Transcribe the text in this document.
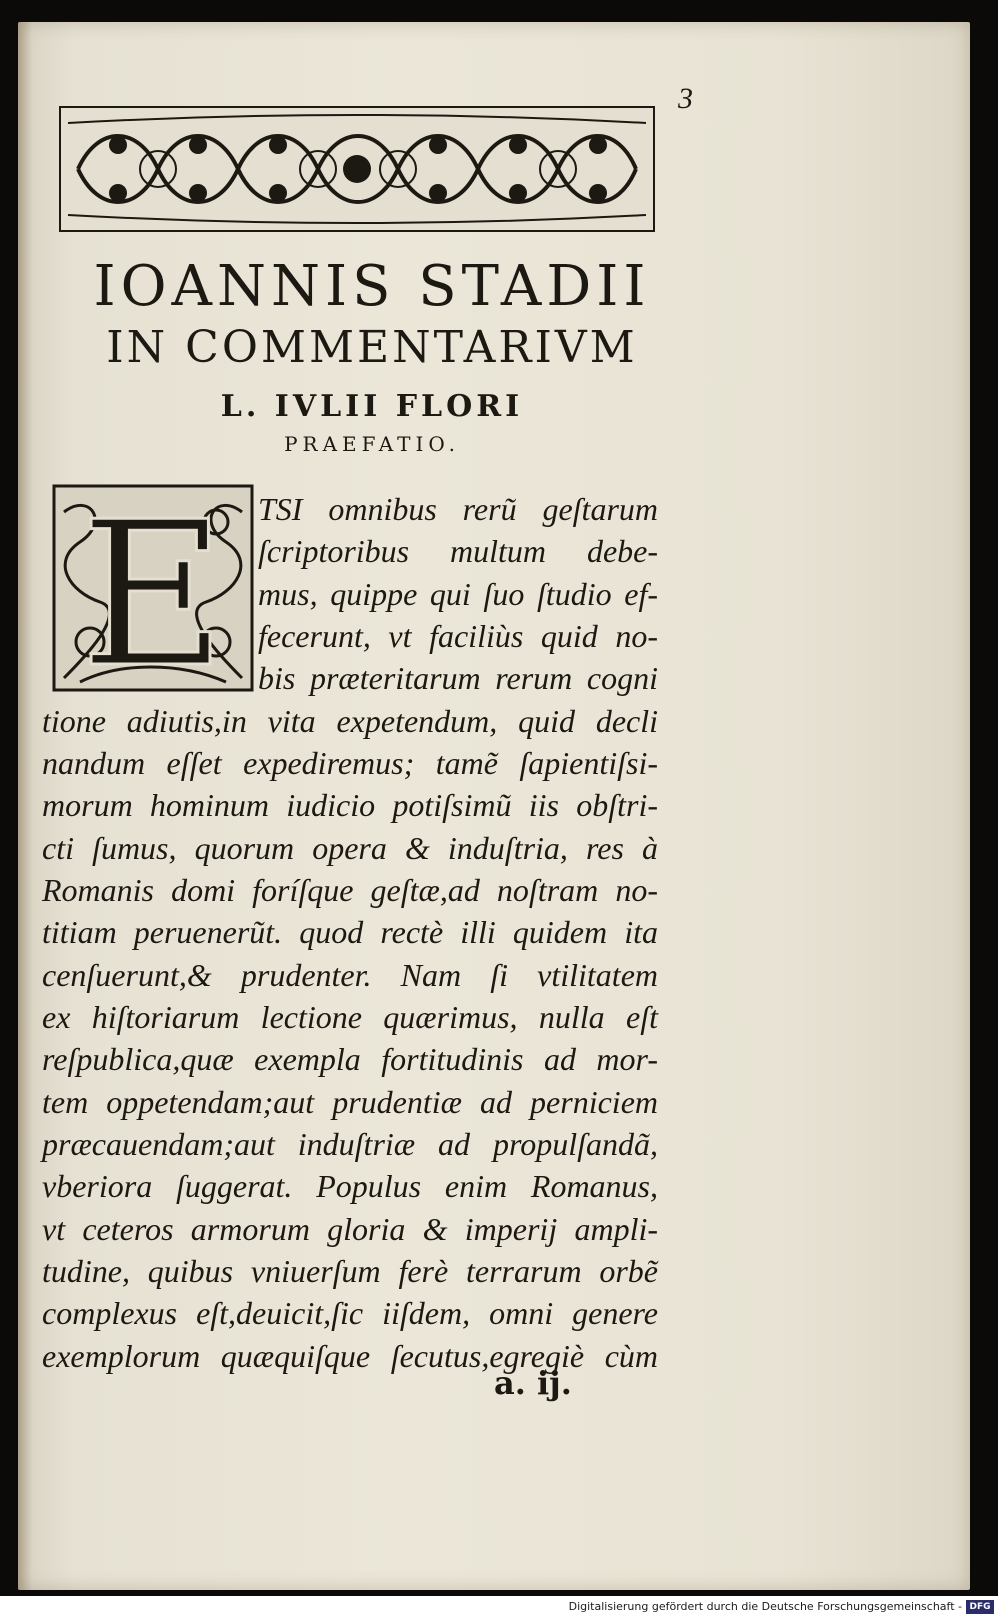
3
IOANNIS STADII
IN COMMENTARIVM
L. IVLII FLORI
PRAEFATIO.
E TSI omnibus rerũ geſtarum
ſcriptoribus multum debe-
mus, quippe qui ſuo ſtudio ef-
fecerunt, vt faciliùs quid no-
bis præteritarum rerum cogni
tione adiutis,in vita expetendum, quid decli
nandum eſſet expediremus; tamẽ ſapientiſsi-
morum hominum iudicio potiſsimũ iis obſtri-
cti ſumus, quorum opera & induſtria, res à
Romanis domi foríſque geſtæ,ad noſtram no-
titiam peruenerũt. quod rectè illi quidem ita
cenſuerunt,& prudenter. Nam ſi vtilitatem
ex hiſtoriarum lectione quærimus, nulla eſt
reſpublica,quæ exempla fortitudinis ad mor-
tem oppetendam;aut prudentiæ ad perniciem
præcauendam;aut induſtriæ ad propulſandã,
vberiora ſuggerat. Populus enim Romanus,
vt ceteros armorum gloria & imperij ampli-
tudine, quibus vniuerſum ferè terrarum orbẽ
complexus eſt,deuicit,ſic iiſdem, omni genere
exemplorum quæquiſque ſecutus,egregiè cùm
a. ij.
Digitalisierung gefördert durch die Deutsche Forschungsgemeinschaft - DFG
